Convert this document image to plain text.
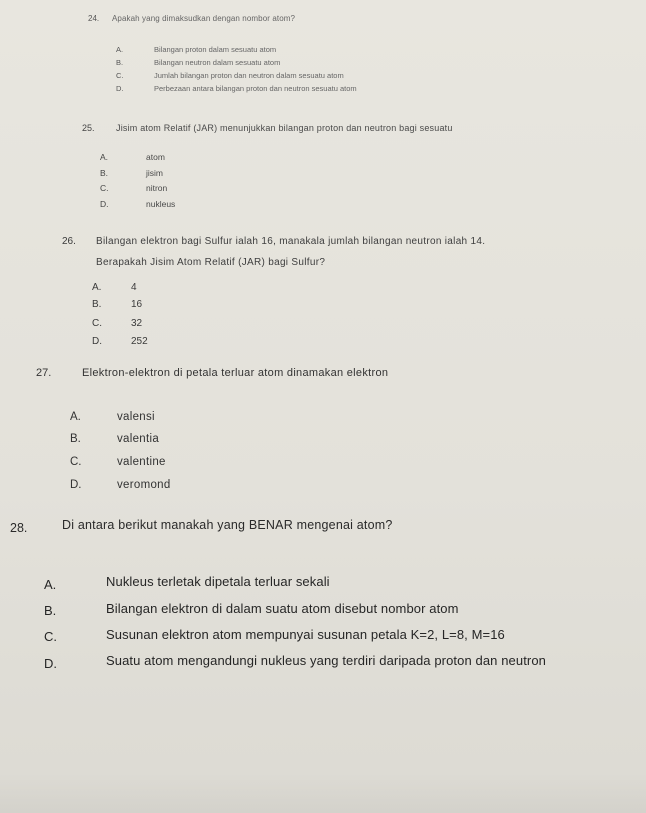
24. Apakah yang dimaksudkan dengan nombor atom?
A.	Bilangan proton dalam sesuatu atom
B.	Bilangan neutron dalam sesuatu atom
C.	Jumlah bilangan proton dan neutron dalam sesuatu atom
D.	Perbezaan antara bilangan proton dan neutron sesuatu atom
25. Jisim atom Relatif (JAR) menunjukkan bilangan proton dan neutron bagi sesuatu
A.	atom
B.	jisim
C.	nitron
D.	nukleus
26. Bilangan elektron bagi Sulfur ialah 16, manakala jumlah bilangan neutron ialah 14.
Berapakah Jisim Atom Relatif (JAR) bagi Sulfur?
A.	4
B.	16
C.	32
D.	252
27.	Elektron-elektron di petala terluar atom dinamakan elektron
A.	valensi
B.	valentia
C.	valentine
D.	veromond
28.	Di antara berikut manakah yang BENAR mengenai atom?
A.	Nukleus terletak dipetala terluar sekali
B.	Bilangan elektron di dalam suatu atom disebut nombor atom
C.	Susunan elektron atom mempunyai susunan petala K=2, L=8, M=16
D.	Suatu atom mengandungi nukleus yang terdiri daripada proton dan neutron
